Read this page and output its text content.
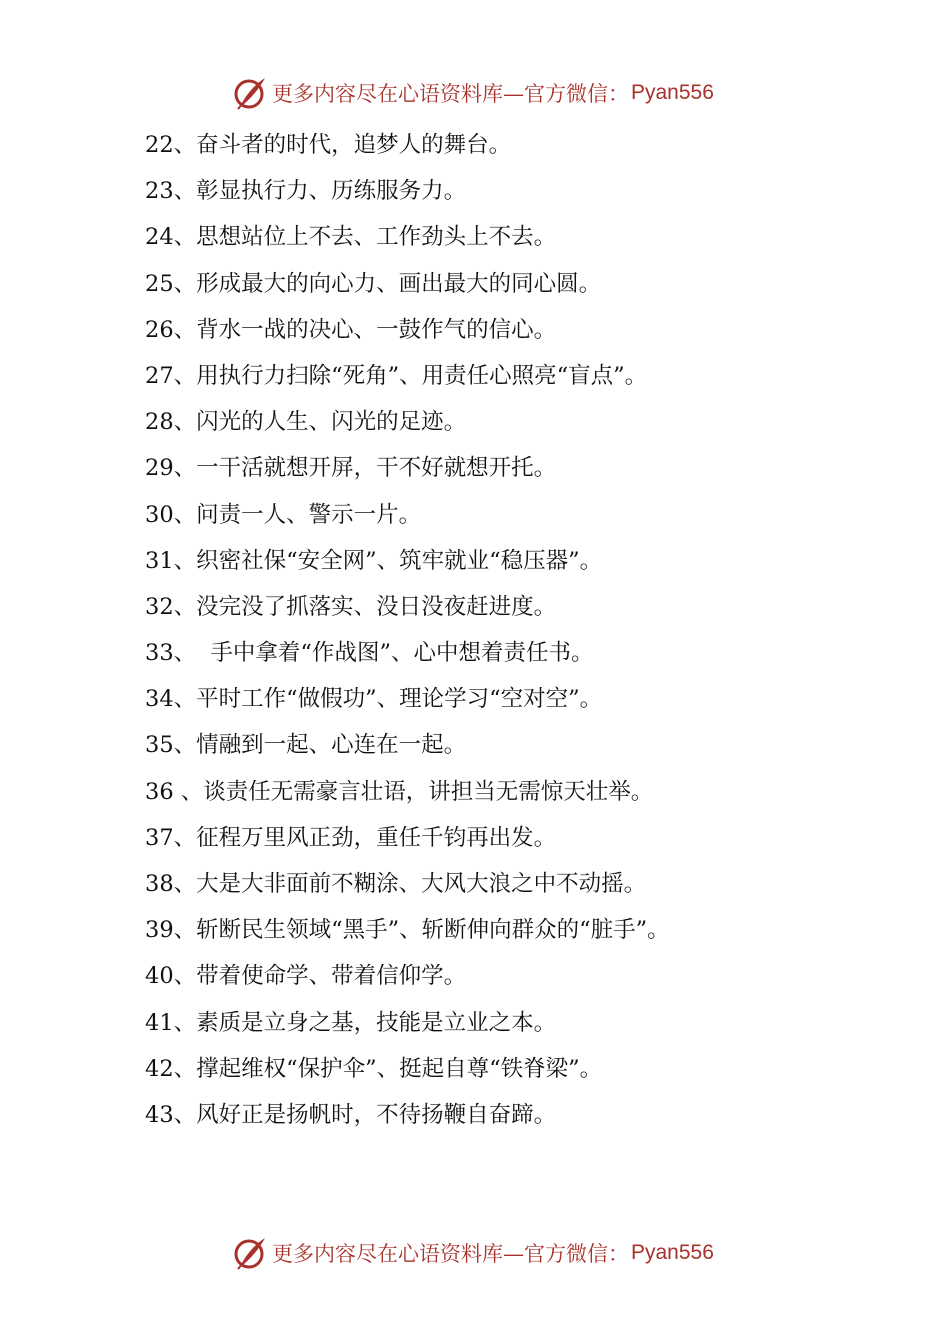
更多内容尽在心语资料库—官方微信： Pyan556
22、奋斗者的时代，追梦人的舞台。
23、彰显执行力、历练服务力。
24、思想站位上不去、工作劲头上不去。
25、形成最大的向心力、画出最大的同心圆。
26、背水一战的决心、一鼓作气的信心。
27、用执行力扫除“死角”、用责任心照亮“盲点”。
28、闪光的人生、闪光的足迹。
29、一干活就想开屏，干不好就想开托。
30、问责一人、警示一片。
31、织密社保“安全网”、筑牢就业“稳压器”。
32、没完没了抓落实、没日没夜赶进度。
33、  手中拿着“作战图”、心中想着责任书。
34、平时工作“做假功”、理论学习“空对空”。
35、情融到一起、心连在一起。
36 、谈责任无需豪言壮语，讲担当无需惊天壮举。
37、征程万里风正劲，重任千钧再出发。
38、大是大非面前不糊涂、大风大浪之中不动摇。
39、斩断民生领域“黑手”、斩断伸向群众的“脏手”。
40、带着使命学、带着信仰学。
41、素质是立身之基，技能是立业之本。
42、撑起维权“保护伞”、挺起自尊“铁脊梁”。
43、风好正是扬帆时，不待扬鞭自奋蹄。
更多内容尽在心语资料库—官方微信： Pyan556
